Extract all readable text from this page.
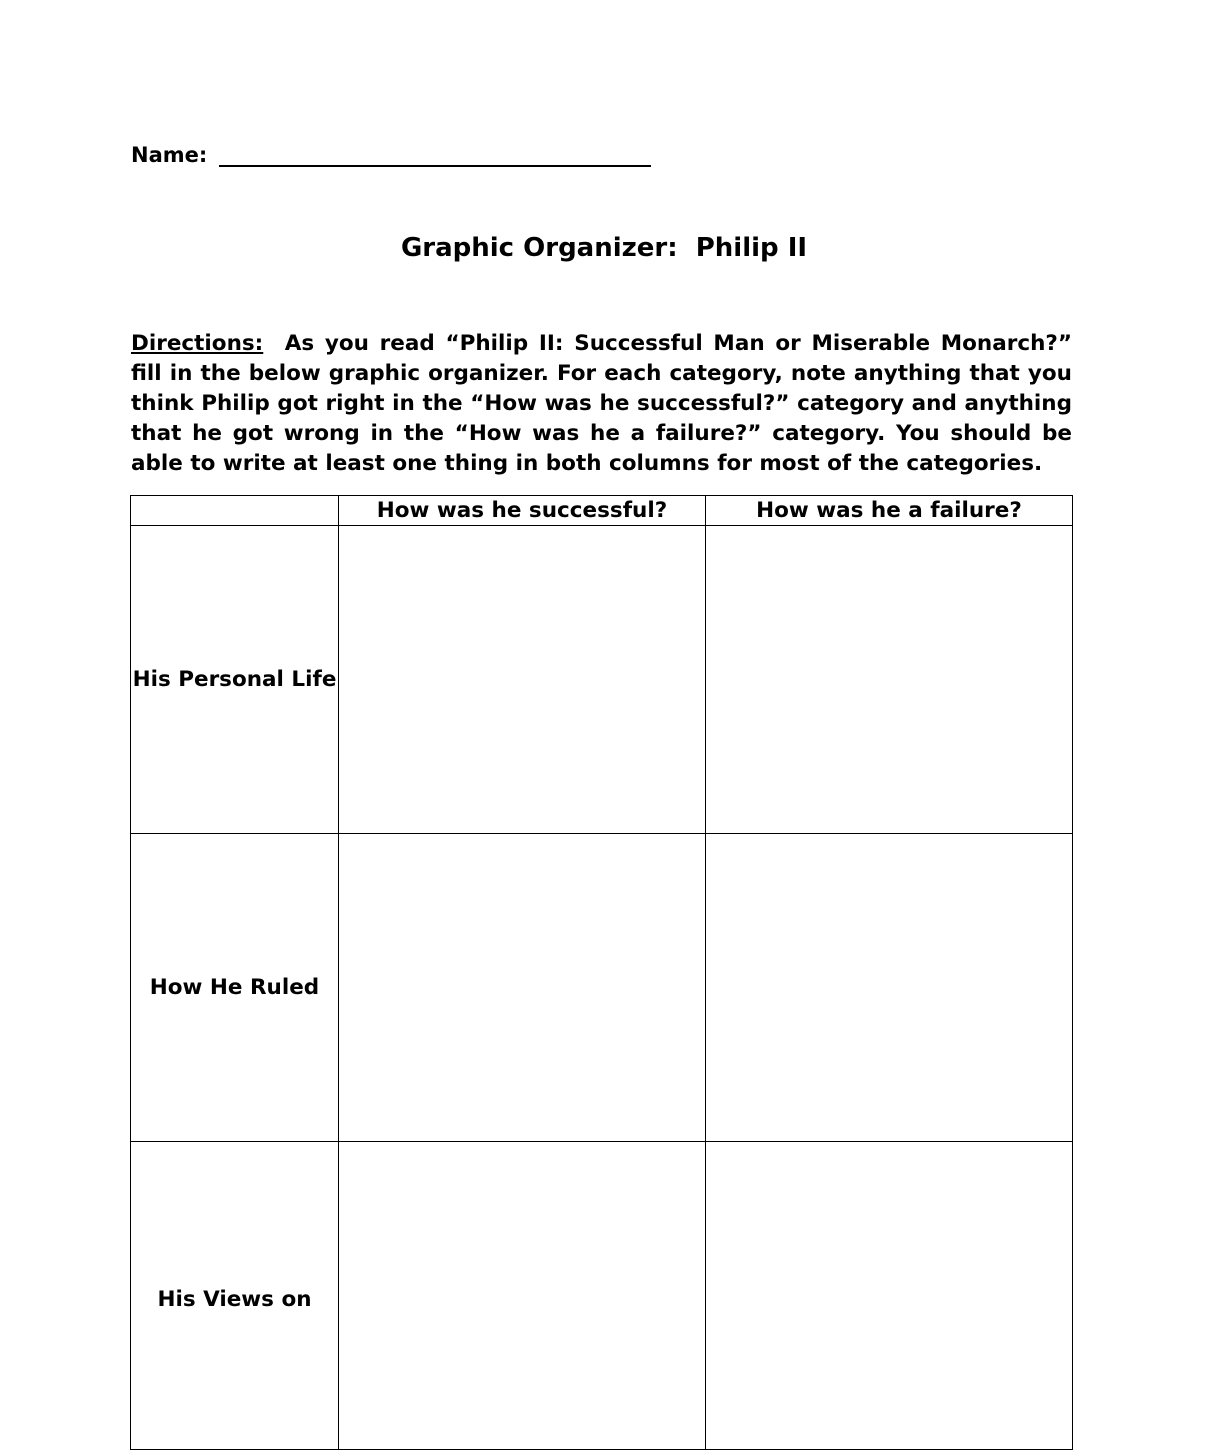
Name:
Graphic Organizer:  Philip II
Directions: As you read “Philip II: Successful Man or Miserable Monarch?” fill in the below graphic organizer. For each category, note anything that you think Philip got right in the “How was he successful?” category and anything that he got wrong in the “How was he a failure?” category. You should be able to write at least one thing in both columns for most of the categories.
	How was he successful?	How was he a failure?
His Personal Life		
How He Ruled		
His Views on		
